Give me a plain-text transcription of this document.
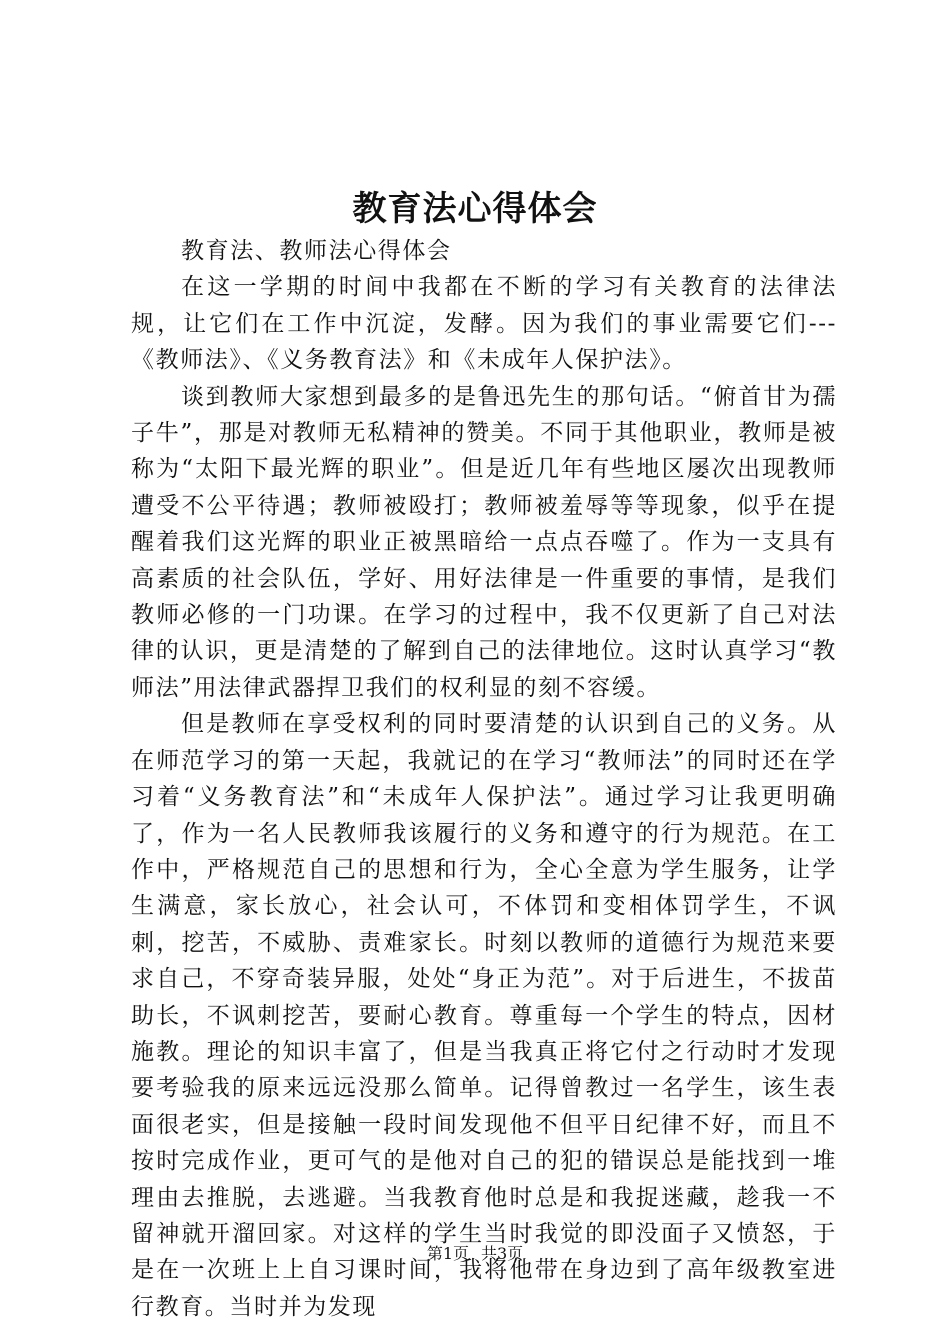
教育法心得体会

教育法、教师法心得体会

在这一学期的时间中我都在不断的学习有关教育的法律法规，让它们在工作中沉淀，发酵。因为我们的事业需要它们---《教师法》、《义务教育法》和《未成年人保护法》。

谈到教师大家想到最多的是鲁迅先生的那句话。“俯首甘为孺子牛”，那是对教师无私精神的赞美。不同于其他职业，教师是被称为“太阳下最光辉的职业”。但是近几年有些地区屡次出现教师遭受不公平待遇；教师被殴打；教师被羞辱等等现象，似乎在提醒着我们这光辉的职业正被黑暗给一点点吞噬了。作为一支具有高素质的社会队伍，学好、用好法律是一件重要的事情，是我们教师必修的一门功课。在学习的过程中，我不仅更新了自己对法律的认识，更是清楚的了解到自己的法律地位。这时认真学习“教师法”用法律武器捍卫我们的权利显的刻不容缓。

但是教师在享受权利的同时要清楚的认识到自己的义务。从在师范学习的第一天起，我就记的在学习“教师法”的同时还在学习着“义务教育法”和“未成年人保护法”。通过学习让我更明确了，作为一名人民教师我该履行的义务和遵守的行为规范。在工作中，严格规范自己的思想和行为，全心全意为学生服务，让学生满意，家长放心，社会认可，不体罚和变相体罚学生，不讽刺，挖苦，不威胁、责难家长。时刻以教师的道德行为规范来要求自己，不穿奇装异服，处处“身正为范”。对于后进生，不拔苗助长，不讽刺挖苦，要耐心教育。尊重每一个学生的特点，因材施教。理论的知识丰富了，但是当我真正将它付之行动时才发现要考验我的原来远远没那么简单。记得曾教过一名学生，该生表面很老实，但是接触一段时间发现他不但平日纪律不好，而且不按时完成作业，更可气的是他对自己的犯的错误总是能找到一堆理由去推脱，去逃避。当我教育他时总是和我捉迷藏，趁我一不留神就开溜回家。对这样的学生当时我觉的即没面子又愤怒，于是在一次班上上自习课时间，我将他带在身边到了高年级教室进行教育。当时并为发现

第1页 共3页
